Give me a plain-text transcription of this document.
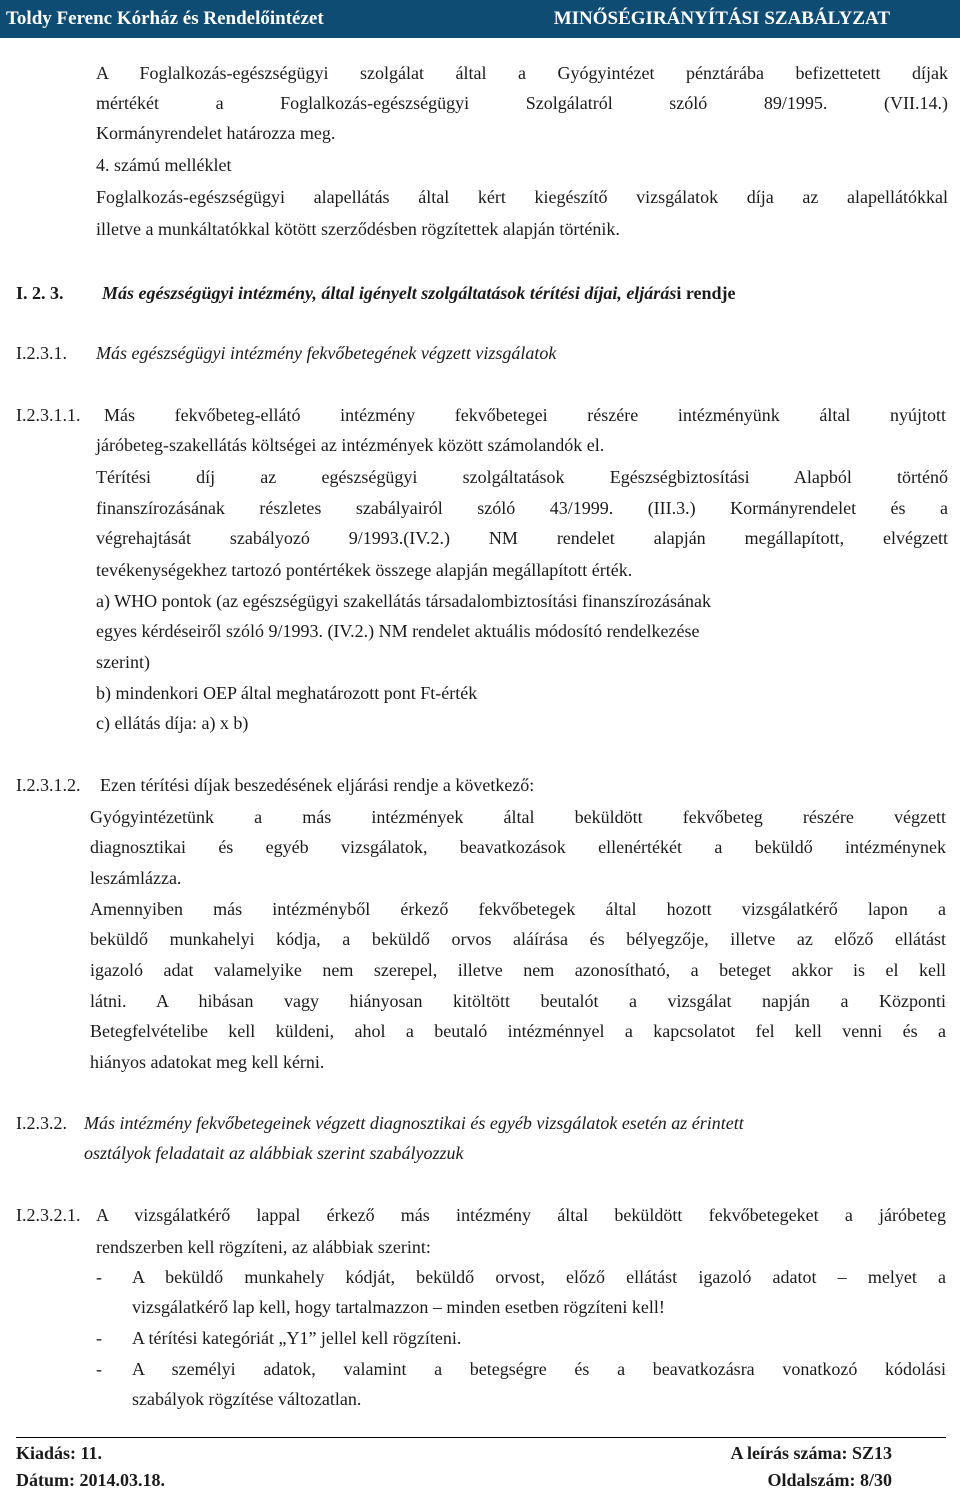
Toldy Ferenc Kórház és Rendelőintézet	MINŐSÉGIRÁNYÍTÁSI SZABÁLYZAT
A Foglalkozás-egészségügyi szolgálat által a Gyógyintézet pénztárába befizettetett díjak
mértékét a Foglalkozás-egészségügyi Szolgálatról szóló 89/1995. (VII.14.)
Kormányrendelet határozza meg.
4. számú melléklet
Foglalkozás-egészségügyi alapellátás által kért kiegészítő vizsgálatok díja az alapellátókkal
illetve a munkáltatókkal kötött szerződésben rögzítettek alapján történik.
I. 2. 3. Más egészségügyi intézmény, által igényelt szolgáltatások térítési díjai, eljárási rendje
I.2.3.1. Más egészségügyi intézmény fekvőbetegének végzett vizsgálatok
I.2.3.1.1. Más fekvőbeteg-ellátó intézmény fekvőbetegei részére intézményünk által nyújtott
járóbeteg-szakellátás költségei az intézmények között számolandók el.
Térítési díj az egészségügyi szolgáltatások Egészségbiztosítási Alapból történő
finanszírozásának részletes szabályairól szóló 43/1999. (III.3.) Kormányrendelet és a
végrehajtását szabályozó 9/1993.(IV.2.) NM rendelet alapján megállapított, elvégzett
tevékenységekhez tartozó pontértékek összege alapján megállapított érték.
a) WHO pontok (az egészségügyi szakellátás társadalombiztosítási finanszírozásának
egyes kérdéseiről szóló 9/1993. (IV.2.) NM rendelet aktuális módosító rendelkezése
szerint)
b) mindenkori OEP által meghatározott pont Ft-érték
c) ellátás díja: a) x b)
I.2.3.1.2. Ezen térítési díjak beszedésének eljárási rendje a következő:
Gyógyintézetünk a más intézmények által beküldött fekvőbeteg részére végzett
diagnosztikai és egyéb vizsgálatok, beavatkozások ellenértékét a beküldő intézménynek
leszámlázza.
Amennyiben más intézményből érkező fekvőbetegek által hozott vizsgálatkérő lapon a
beküldő munkahelyi kódja, a beküldő orvos aláírása és bélyegzője, illetve az előző ellátást
igazoló adat valamelyike nem szerepel, illetve nem azonosítható, a beteget akkor is el kell
látni. A hibásan vagy hiányosan kitöltött beutalót a vizsgálat napján a Központi
Betegfelvételibe kell küldeni, ahol a beutaló intézménnyel a kapcsolatot fel kell venni és a
hiányos adatokat meg kell kérni.
I.2.3.2. Más intézmény fekvőbetegeinek végzett diagnosztikai és egyéb vizsgálatok esetén az érintett
osztályok feladatait az alábbiak szerint szabályozzuk
I.2.3.2.1. A vizsgálatkérő lappal érkező más intézmény által beküldött fekvőbetegeket a járóbeteg
rendszerben kell rögzíteni, az alábbiak szerint:
- A beküldő munkahely kódját, beküldő orvost, előző ellátást igazoló adatot – melyet a
vizsgálatkérő lap kell, hogy tartalmazzon – minden esetben rögzíteni kell!
- A térítési kategóriát „Y1” jellel kell rögzíteni.
- A személyi adatok, valamint a betegségre és a beavatkozásra vonatkozó kódolási
szabályok rögzítése változatlan.
Kiadás: 11.
Dátum: 2014.03.18.
A leírás száma: SZ13
Oldalszám: 8/30
